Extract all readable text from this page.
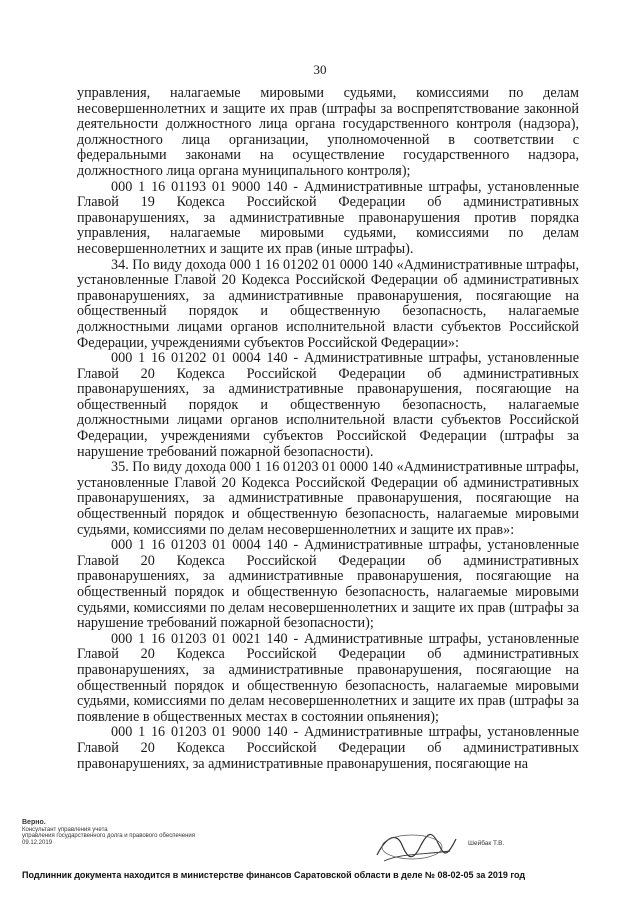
30

управления, налагаемые мировыми судьями, комиссиями по делам несовершеннолетних и защите их прав (штрафы за воспрепятствование законной деятельности должностного лица органа государственного контроля (надзора), должностного лица организации, уполномоченной в соответствии с федеральными законами на осуществление государственного надзора, должностного лица органа муниципального контроля);

000 1 16 01193 01 9000 140 - Административные штрафы, установленные Главой 19 Кодекса Российской Федерации об административных правонарушениях, за административные правонарушения против порядка управления, налагаемые мировыми судьями, комиссиями по делам несовершеннолетних и защите их прав (иные штрафы).

34. По виду дохода 000 1 16 01202 01 0000 140 «Административные штрафы, установленные Главой 20 Кодекса Российской Федерации об административных правонарушениях, за административные правонарушения, посягающие на общественный порядок и общественную безопасность, налагаемые должностными лицами органов исполнительной власти субъектов Российской Федерации, учреждениями субъектов Российской Федерации»:

000 1 16 01202 01 0004 140 - Административные штрафы, установленные Главой 20 Кодекса Российской Федерации об административных правонарушениях, за административные правонарушения, посягающие на общественный порядок и общественную безопасность, налагаемые должностными лицами органов исполнительной власти субъектов Российской Федерации, учреждениями субъектов Российской Федерации (штрафы за нарушение требований пожарной безопасности).

35. По виду дохода 000 1 16 01203 01 0000 140 «Административные штрафы, установленные Главой 20 Кодекса Российской Федерации об административных правонарушениях, за административные правонарушения, посягающие на общественный порядок и общественную безопасность, налагаемые мировыми судьями, комиссиями по делам несовершеннолетних и защите их прав»:

000 1 16 01203 01 0004 140 - Административные штрафы, установленные Главой 20 Кодекса Российской Федерации об административных правонарушениях, за административные правонарушения, посягающие на общественный порядок и общественную безопасность, налагаемые мировыми судьями, комиссиями по делам несовершеннолетних и защите их прав (штрафы за нарушение требований пожарной безопасности);

000 1 16 01203 01 0021 140 - Административные штрафы, установленные Главой 20 Кодекса Российской Федерации об административных правонарушениях, за административные правонарушения, посягающие на общественный порядок и общественную безопасность, налагаемые мировыми судьями, комиссиями по делам несовершеннолетних и защите их прав (штрафы за появление в общественных местах в состоянии опьянения);

000 1 16 01203 01 9000 140 - Административные штрафы, установленные Главой 20 Кодекса Российской Федерации об административных правонарушениях, за административные правонарушения, посягающие на

Верно.
Консультант управления учета
управления государственного долга и правового обеспечения
09.12.2019	Шейбак Т.В.
Подлинник документа находится в министерстве финансов Саратовской области в деле № 08-02-05 за 2019 год
